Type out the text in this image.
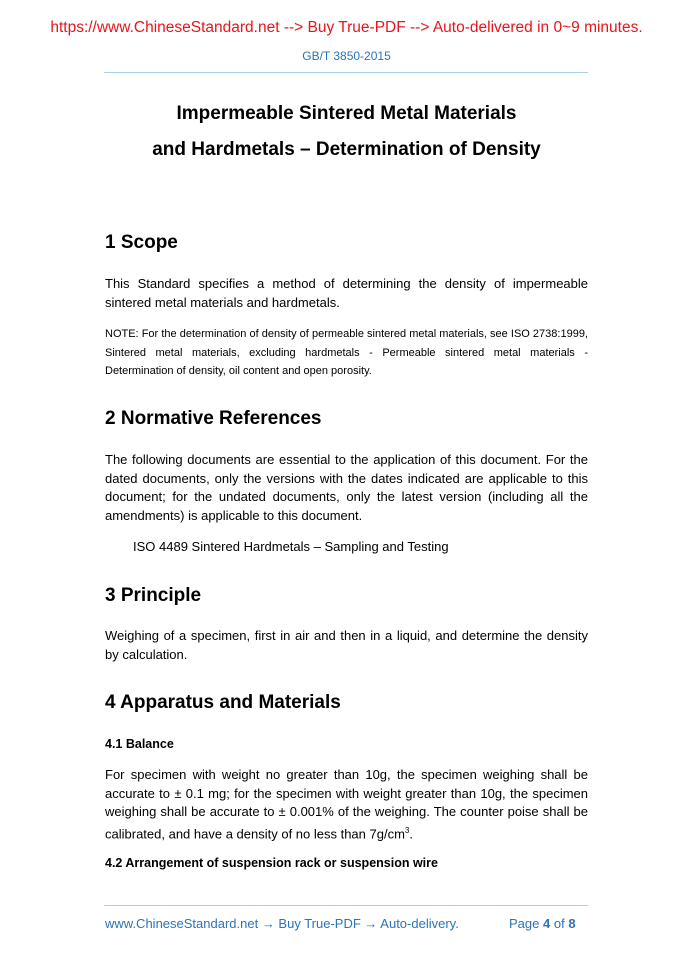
https://www.ChineseStandard.net --> Buy True-PDF --> Auto-delivered in 0~9 minutes.
GB/T 3850-2015
Impermeable Sintered Metal Materials
and Hardmetals – Determination of Density
1 Scope
This Standard specifies a method of determining the density of impermeable sintered metal materials and hardmetals.
NOTE: For the determination of density of permeable sintered metal materials, see ISO 2738:1999, Sintered metal materials, excluding hardmetals - Permeable sintered metal materials - Determination of density, oil content and open porosity.
2 Normative References
The following documents are essential to the application of this document. For the dated documents, only the versions with the dates indicated are applicable to this document; for the undated documents, only the latest version (including all the amendments) is applicable to this document.
ISO 4489 Sintered Hardmetals – Sampling and Testing
3 Principle
Weighing of a specimen, first in air and then in a liquid, and determine the density by calculation.
4 Apparatus and Materials
4.1 Balance
For specimen with weight no greater than 10g, the specimen weighing shall be accurate to ± 0.1 mg; for the specimen with weight greater than 10g, the specimen weighing shall be accurate to ± 0.001% of the weighing. The counter poise shall be calibrated, and have a density of no less than $7g/cm^3$.
4.2 Arrangement of suspension rack or suspension wire
www.ChineseStandard.net → Buy True-PDF → Auto-delivery.	Page 4 of 8
